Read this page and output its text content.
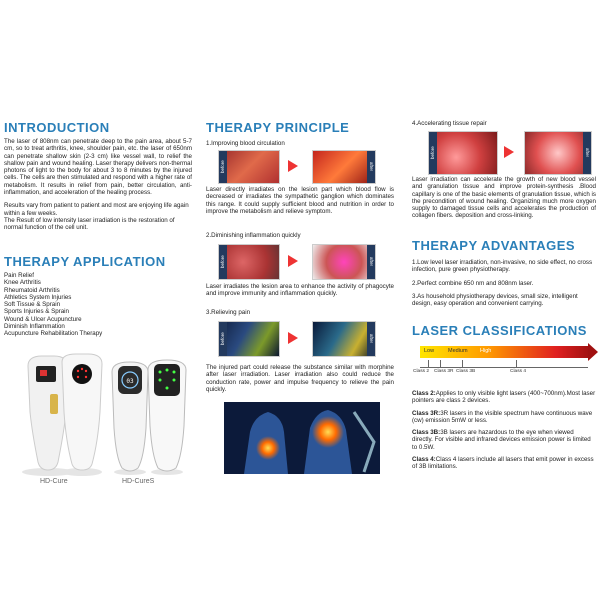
INTRODUCTION

The laser of 808nm can penetrate deep to the pain area, about 5-7 cm, so to treat arthritis, knee, shoulder pain, etc. the laser of 650nm can penetrate shallow skin (2-3 cm) like vessel wall, to relief the shallow pain and wound healing. Laser therapy delivers non-thermal photons of light to the body for about 3 to 8 minutes by the injured cells. The cells are then stimulated and respond with a higher rate of metabolism. It results in relief from pain, better circulation, anti-inflammation, and acceleration of the healing process.

Results vary from patient to patient and most are enjoying life again within a few weeks.

The Result of low intensity laser irradiation is the restoration of normal function of the cell unit.

THERAPY APPLICATION
Pain Relief
Knee Arthritis
Rheumatoid Arthritis
Athletics System Injuries
Soft Tissue & Sprain
Sports Injuries & Sprain
Wound & Ulcer Acupuncture
Diminish Inflammation
Acupuncture Rehabilitation Therapy
HD-Cure
03
HD-CureS
THERAPY PRINCIPLE
1.Improving blood circulation
before	after

Laser directly irradiates on the lesion part which blood flow is decreased or irradiates the sympathetic ganglion which dominates this range. It could supply sufficient blood and nutrition in order to improve the metabolism and relieve symptom.

2.Diminishing inflammation quickly
before	after

Laser irradiates the lesion area to enhance the activity of phagocyte and improve immunity and inflammation quickly.

3.Relieving pain
before	after

The injured part could release the substance similar with morphine after laser irradiation. Laser irradiation also could reduce the conduction rate, power and impulse frequency to relieve the pain quickly.

4.Accelerating tissue repair
before	after

Laser irradiation can accelerate the growth of new blood vessel and granulation tissue and improve protein-synthesis .Blood capillary is one of the basic elements of granulation tissue, which is the precondition of wound healing. Organizing much more oxygen supply to damaged tissue cells and accelerates the production of collagen fibers. deposition and cross-linking.

THERAPY ADVANTAGES

1.Low level laser irradiation, non-invasive, no side effect, no cross infection, pure green physiotherapy.

2.Perfect combine 650 nm and 808nm laser.

3.As household physiotherapy devices, small size, intelligent design, easy operation and convenient carrying.

LASER CLASSIFICATIONS
Low	Medium High
Class 2 Class 3R Class 3B	Class 4

Class 2:Applies to only visible light lasers (400~700nm).Most laser pointers are class 2 devices.

Class 3R:3R lasers in the visible spectrum have continuous wave (cw) emission 5mW or less.

Class 3B:3B lasers are hazardous to the eye when viewed directly. For visible and infrared devices emission power is limited to 0.5W.

Class 4:Class 4 lasers include all lasers that emit power in excess of 3B limitations.
